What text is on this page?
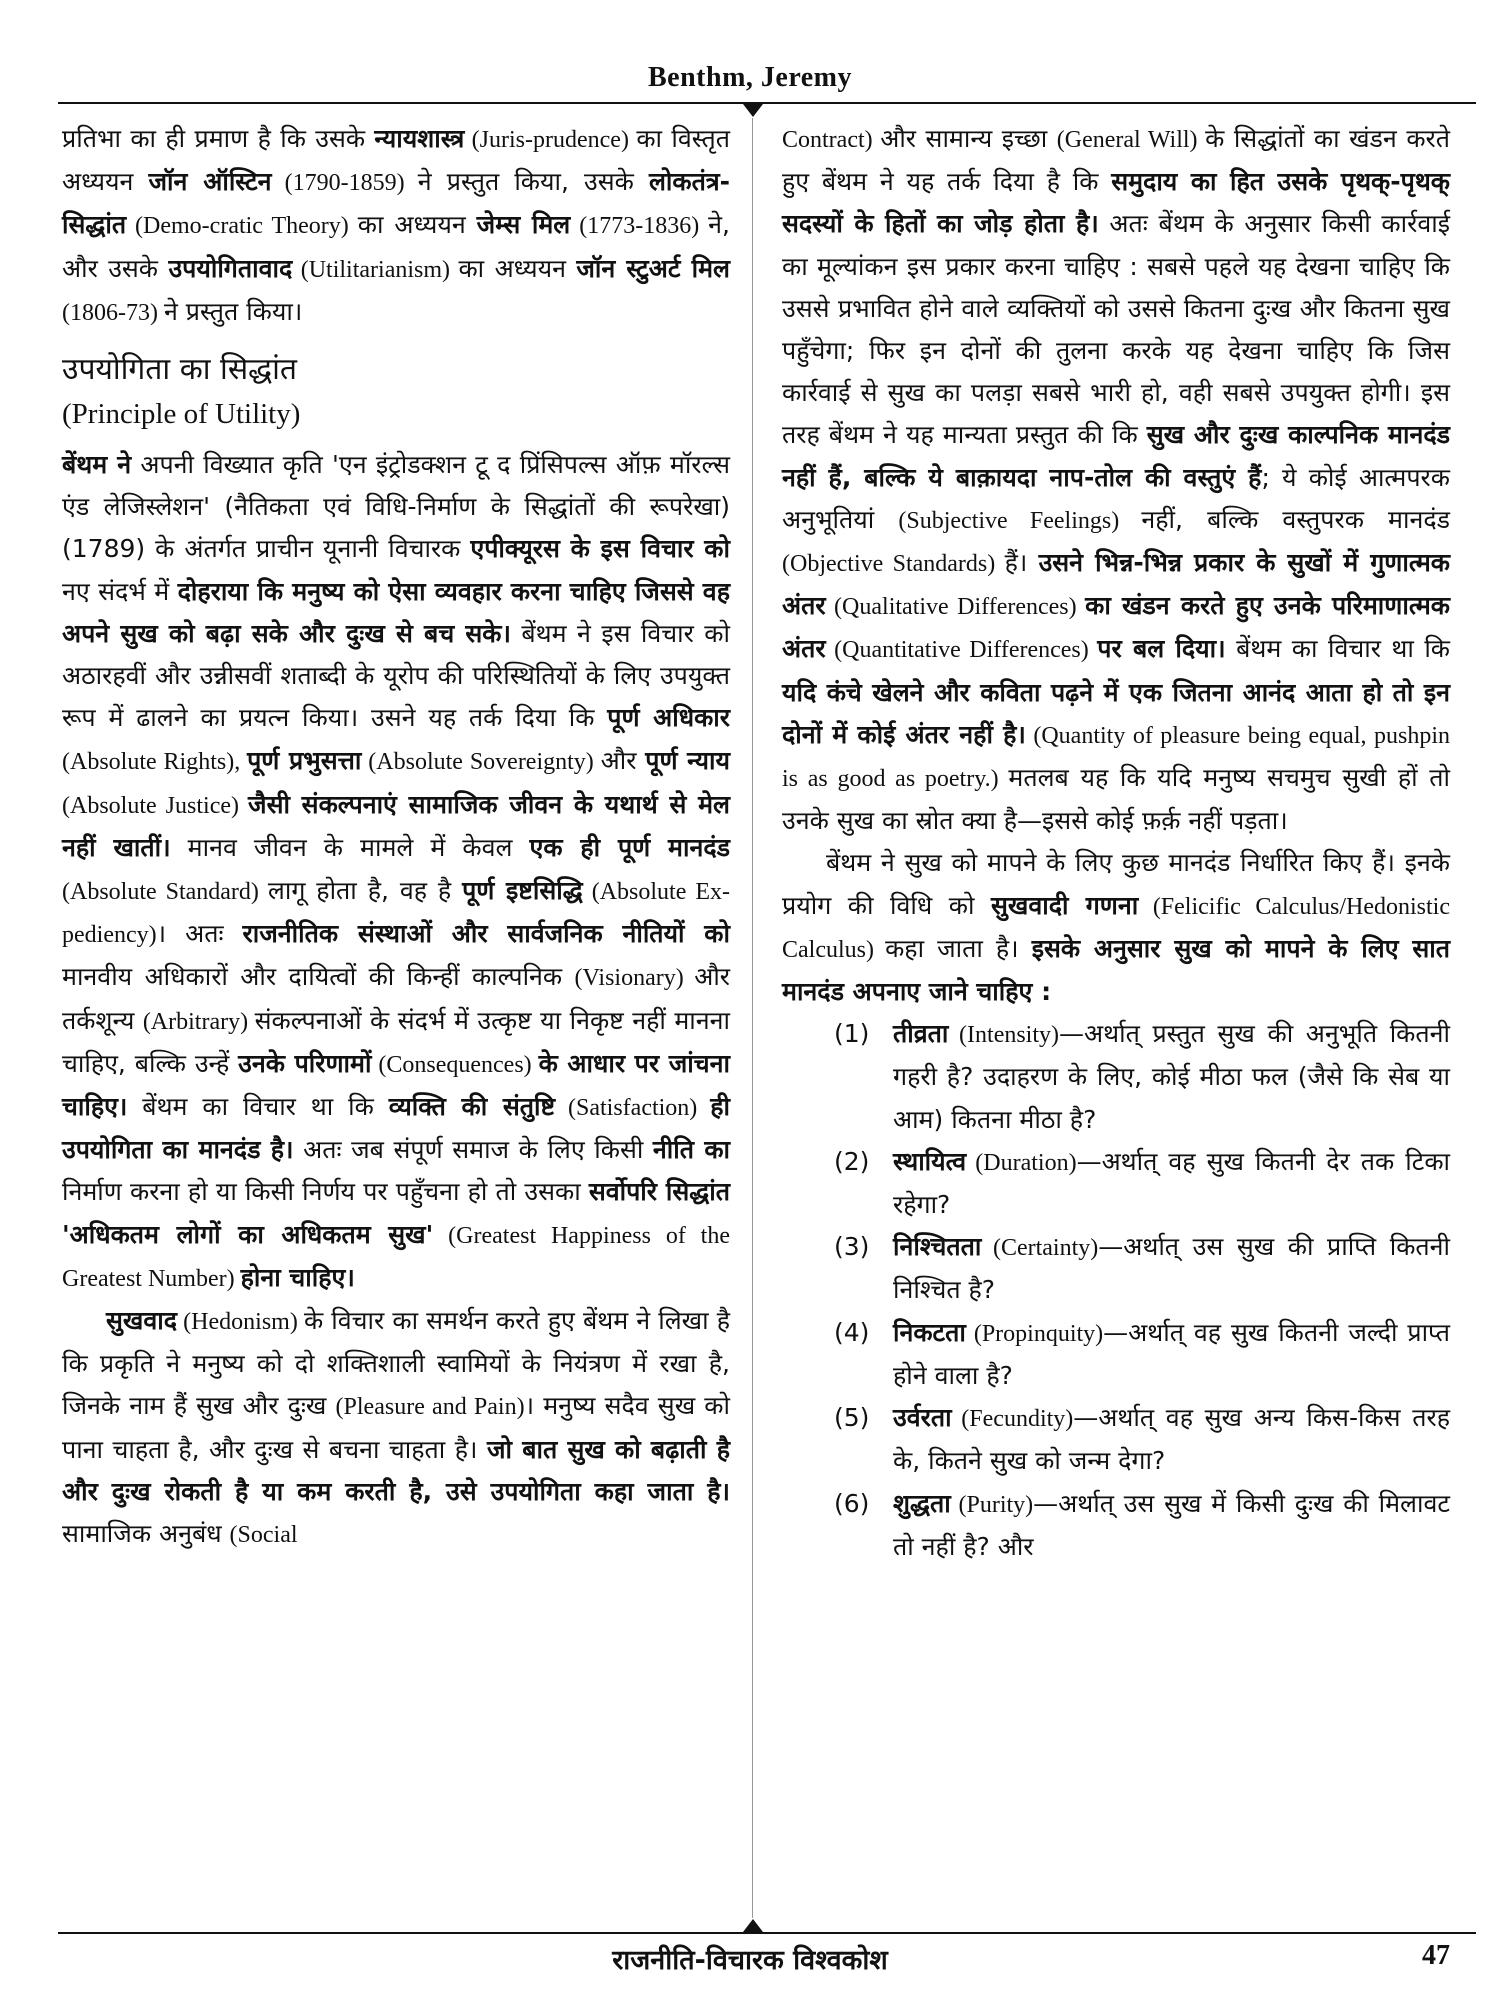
Benthm, Jeremy

प्रतिभा का ही प्रमाण है कि उसके न्यायशास्त्र (Juris-prudence) का विस्तृत अध्ययन जॉन ऑस्टिन (1790-1859) ने प्रस्तुत किया, उसके लोकतंत्र-सिद्धांत (Demo-cratic Theory) का अध्ययन जेम्स मिल (1773-1836) ने, और उसके उपयोगितावाद (Utilitarianism) का अध्ययन जॉन स्टुअर्ट मिल (1806-73) ने प्रस्तुत किया।

उपयोगिता का सिद्धांत
(Principle of Utility)

बेंथम ने अपनी विख्यात कृति 'एन इंट्रोडक्शन टू द प्रिंसिपल्स ऑफ़ मॉरल्स एंड लेजिस्लेशन' (नैतिकता एवं विधि-निर्माण के सिद्धांतों की रूपरेखा) (1789) के अंतर्गत प्राचीन यूनानी विचारक एपीक्यूरस के इस विचार को नए संदर्भ में दोहराया कि मनुष्य को ऐसा व्यवहार करना चाहिए जिससे वह अपने सुख को बढ़ा सके और दुःख से बच सके। बेंथम ने इस विचार को अठारहवीं और उन्नीसवीं शताब्दी के यूरोप की परिस्थितियों के लिए उपयुक्त रूप में ढालने का प्रयत्न किया। उसने यह तर्क दिया कि पूर्ण अधिकार (Absolute Rights), पूर्ण प्रभुसत्ता (Absolute Sovereignty) और पूर्ण न्याय (Absolute Justice) जैसी संकल्पनाएं सामाजिक जीवन के यथार्थ से मेल नहीं खातीं। मानव जीवन के मामले में केवल एक ही पूर्ण मानदंड (Absolute Standard) लागू होता है, वह है पूर्ण इष्टसिद्धि (Absolute Ex-pediency)। अतः राजनीतिक संस्थाओं और सार्वजनिक नीतियों को मानवीय अधिकारों और दायित्वों की किन्हीं काल्पनिक (Visionary) और तर्कशून्य (Arbitrary) संकल्पनाओं के संदर्भ में उत्कृष्ट या निकृष्ट नहीं मानना चाहिए, बल्कि उन्हें उनके परिणामों (Consequences) के आधार पर जांचना चाहिए। बेंथम का विचार था कि व्यक्ति की संतुष्टि (Satisfaction) ही उपयोगिता का मानदंड है। अतः जब संपूर्ण समाज के लिए किसी नीति का निर्माण करना हो या किसी निर्णय पर पहुँचना हो तो उसका सर्वोपरि सिद्धांत 'अधिकतम लोगों का अधिकतम सुख' (Greatest Happiness of the Greatest Number) होना चाहिए।

सुखवाद (Hedonism) के विचार का समर्थन करते हुए बेंथम ने लिखा है कि प्रकृति ने मनुष्य को दो शक्तिशाली स्वामियों के नियंत्रण में रखा है, जिनके नाम हैं सुख और दुःख (Pleasure and Pain)। मनुष्य सदैव सुख को पाना चाहता है, और दुःख से बचना चाहता है। जो बात सुख को बढ़ाती है और दुःख रोकती है या कम करती है, उसे उपयोगिता कहा जाता है। सामाजिक अनुबंध (Social

Contract) और सामान्य इच्छा (General Will) के सिद्धांतों का खंडन करते हुए बेंथम ने यह तर्क दिया है कि समुदाय का हित उसके पृथक्-पृथक् सदस्यों के हितों का जोड़ होता है। अतः बेंथम के अनुसार किसी कार्रवाई का मूल्यांकन इस प्रकार करना चाहिए : सबसे पहले यह देखना चाहिए कि उससे प्रभावित होने वाले व्यक्तियों को उससे कितना दुःख और कितना सुख पहुँचेगा; फिर इन दोनों की तुलना करके यह देखना चाहिए कि जिस कार्रवाई से सुख का पलड़ा सबसे भारी हो, वही सबसे उपयुक्त होगी। इस तरह बेंथम ने यह मान्यता प्रस्तुत की कि सुख और दुःख काल्पनिक मानदंड नहीं हैं, बल्कि ये बाक़ायदा नाप-तोल की वस्तुएं हैं; ये कोई आत्मपरक अनुभूतियां (Subjective Feelings) नहीं, बल्कि वस्तुपरक मानदंड (Objective Standards) हैं। उसने भिन्न-भिन्न प्रकार के सुखों में गुणात्मक अंतर (Qualitative Differences) का खंडन करते हुए उनके परिमाणात्मक अंतर (Quantitative Differences) पर बल दिया। बेंथम का विचार था कि यदि कंचे खेलने और कविता पढ़ने में एक जितना आनंद आता हो तो इन दोनों में कोई अंतर नहीं है। (Quantity of pleasure being equal, pushpin is as good as poetry.) मतलब यह कि यदि मनुष्य सचमुच सुखी हों तो उनके सुख का स्रोत क्या है—इससे कोई फ़र्क़ नहीं पड़ता।

बेंथम ने सुख को मापने के लिए कुछ मानदंड निर्धारित किए हैं। इनके प्रयोग की विधि को सुखवादी गणना (Felicific Calculus/Hedonistic Calculus) कहा जाता है। इसके अनुसार सुख को मापने के लिए सात मानदंड अपनाए जाने चाहिए :

(1) तीव्रता (Intensity)—अर्थात् प्रस्तुत सुख की अनुभूति कितनी गहरी है? उदाहरण के लिए, कोई मीठा फल (जैसे कि सेब या आम) कितना मीठा है?
(2) स्थायित्व (Duration)—अर्थात् वह सुख कितनी देर तक टिका रहेगा?
(3) निश्चितता (Certainty)—अर्थात् उस सुख की प्राप्ति कितनी निश्चित है?
(4) निकटता (Propinquity)—अर्थात् वह सुख कितनी जल्दी प्राप्त होने वाला है?
(5) उर्वरता (Fecundity)—अर्थात् वह सुख अन्य किस-किस तरह के, कितने सुख को जन्म देगा?
(6) शुद्धता (Purity)—अर्थात् उस सुख में किसी दुःख की मिलावट तो नहीं है? और
राजनीति-विचारक विश्वकोश	47
